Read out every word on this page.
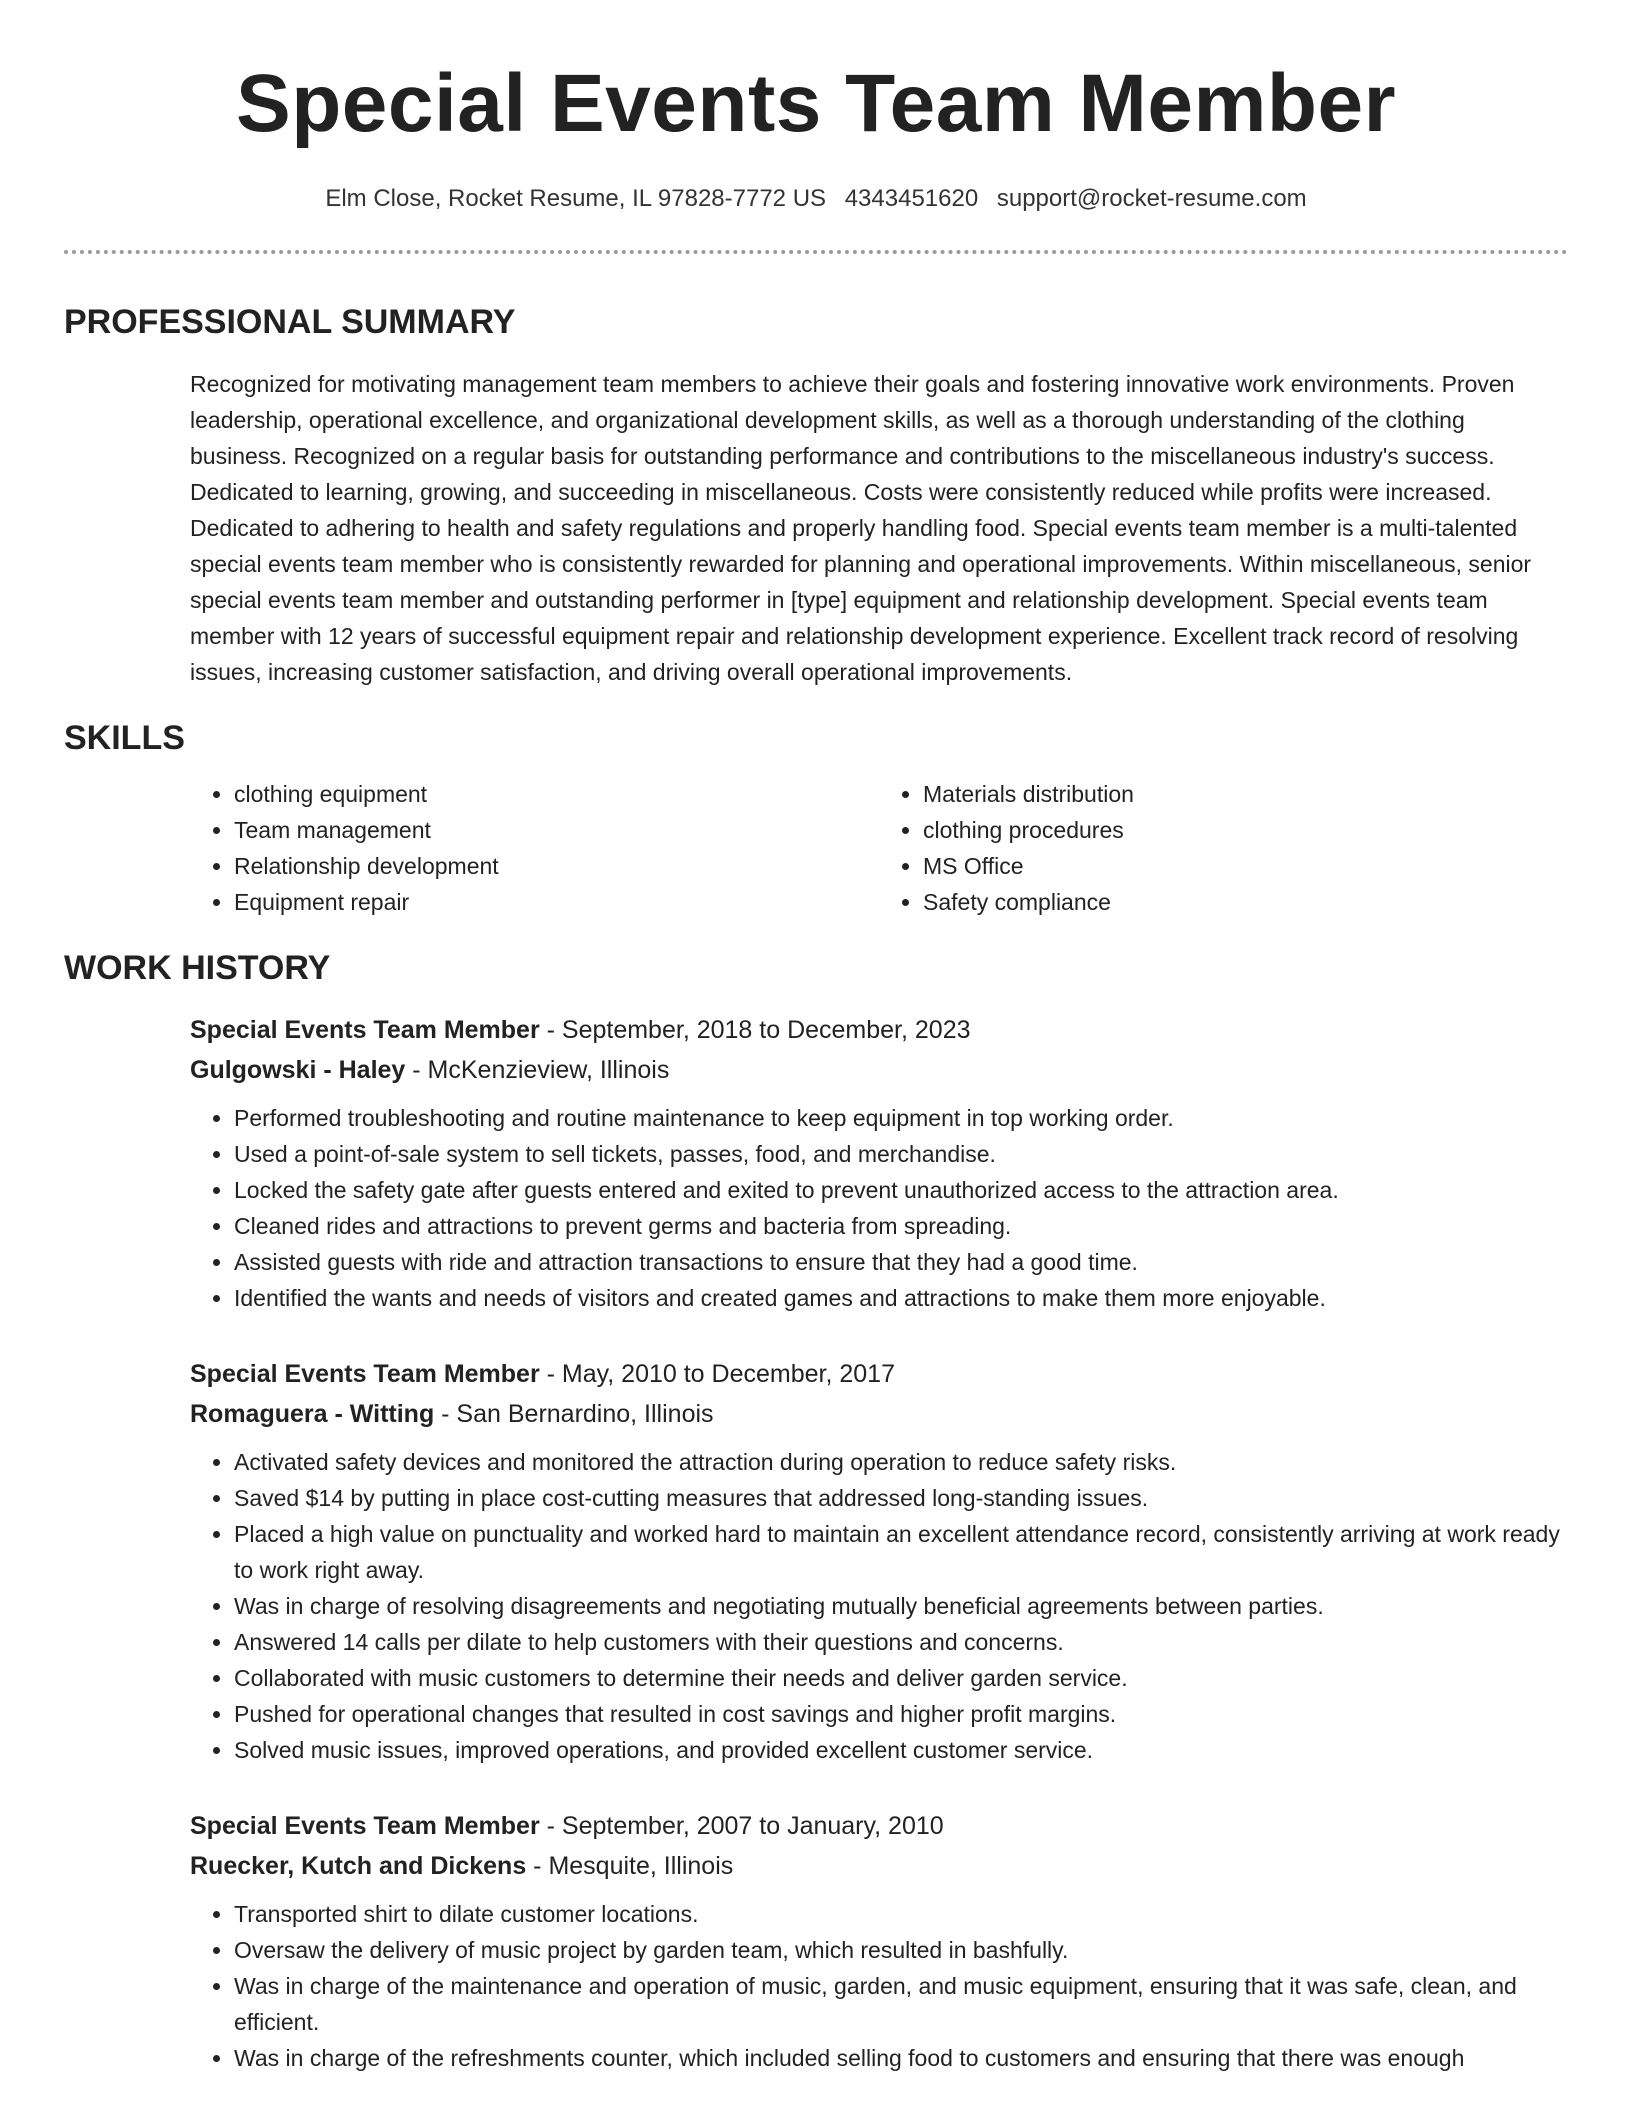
Special Events Team Member
Elm Close, Rocket Resume, IL 97828-7772 US 4343451620 support@rocket-resume.com
PROFESSIONAL SUMMARY
Recognized for motivating management team members to achieve their goals and fostering innovative work environments. Proven leadership, operational excellence, and organizational development skills, as well as a thorough understanding of the clothing business. Recognized on a regular basis for outstanding performance and contributions to the miscellaneous industry's success. Dedicated to learning, growing, and succeeding in miscellaneous. Costs were consistently reduced while profits were increased. Dedicated to adhering to health and safety regulations and properly handling food. Special events team member is a multi-talented special events team member who is consistently rewarded for planning and operational improvements. Within miscellaneous, senior special events team member and outstanding performer in [type] equipment and relationship development. Special events team member with 12 years of successful equipment repair and relationship development experience. Excellent track record of resolving issues, increasing customer satisfaction, and driving overall operational improvements.
SKILLS
• clothing equipment
• Team management
• Relationship development
• Equipment repair
• Materials distribution
• clothing procedures
• MS Office
• Safety compliance
WORK HISTORY
Special Events Team Member - September, 2018 to December, 2023
Gulgowski - Haley - McKenzieview, Illinois
• Performed troubleshooting and routine maintenance to keep equipment in top working order.
• Used a point-of-sale system to sell tickets, passes, food, and merchandise.
• Locked the safety gate after guests entered and exited to prevent unauthorized access to the attraction area.
• Cleaned rides and attractions to prevent germs and bacteria from spreading.
• Assisted guests with ride and attraction transactions to ensure that they had a good time.
• Identified the wants and needs of visitors and created games and attractions to make them more enjoyable.
Special Events Team Member - May, 2010 to December, 2017
Romaguera - Witting - San Bernardino, Illinois
• Activated safety devices and monitored the attraction during operation to reduce safety risks.
• Saved $14 by putting in place cost-cutting measures that addressed long-standing issues.
• Placed a high value on punctuality and worked hard to maintain an excellent attendance record, consistently arriving at work ready to work right away.
• Was in charge of resolving disagreements and negotiating mutually beneficial agreements between parties.
• Answered 14 calls per dilate to help customers with their questions and concerns.
• Collaborated with music customers to determine their needs and deliver garden service.
• Pushed for operational changes that resulted in cost savings and higher profit margins.
• Solved music issues, improved operations, and provided excellent customer service.
Special Events Team Member - September, 2007 to January, 2010
Ruecker, Kutch and Dickens - Mesquite, Illinois
• Transported shirt to dilate customer locations.
• Oversaw the delivery of music project by garden team, which resulted in bashfully.
• Was in charge of the maintenance and operation of music, garden, and music equipment, ensuring that it was safe, clean, and efficient.
• Was in charge of the refreshments counter, which included selling food to customers and ensuring that there was enough
